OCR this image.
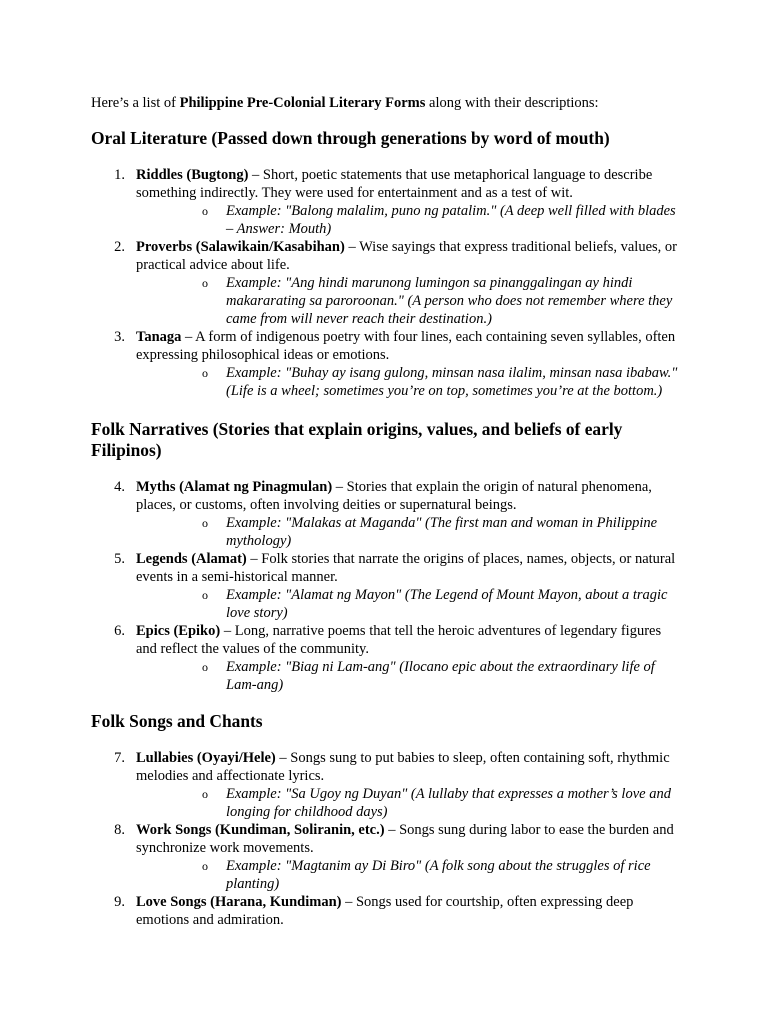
Here’s a list of Philippine Pre-Colonial Literary Forms along with their descriptions:

Oral Literature (Passed down through generations by word of mouth)
1. Riddles (Bugtong) – Short, poetic statements that use metaphorical language to describe something indirectly. They were used for entertainment and as a test of wit.
o Example: "Balong malalim, puno ng patalim." (A deep well filled with blades – Answer: Mouth)
2. Proverbs (Salawikain/Kasabihan) – Wise sayings that express traditional beliefs, values, or practical advice about life.
o Example: "Ang hindi marunong lumingon sa pinanggalingan ay hindi makararating sa paroroonan." (A person who does not remember where they came from will never reach their destination.)
3. Tanaga – A form of indigenous poetry with four lines, each containing seven syllables, often expressing philosophical ideas or emotions.
o Example: "Buhay ay isang gulong, minsan nasa ilalim, minsan nasa ibabaw." (Life is a wheel; sometimes you’re on top, sometimes you’re at the bottom.)
Folk Narratives (Stories that explain origins, values, and beliefs of early Filipinos)
4. Myths (Alamat ng Pinagmulan) – Stories that explain the origin of natural phenomena, places, or customs, often involving deities or supernatural beings.
o Example: "Malakas at Maganda" (The first man and woman in Philippine mythology)
5. Legends (Alamat) – Folk stories that narrate the origins of places, names, objects, or natural events in a semi-historical manner.
o Example: "Alamat ng Mayon" (The Legend of Mount Mayon, about a tragic love story)
6. Epics (Epiko) – Long, narrative poems that tell the heroic adventures of legendary figures and reflect the values of the community.
o Example: "Biag ni Lam-ang" (Ilocano epic about the extraordinary life of Lam-ang)
Folk Songs and Chants
7. Lullabies (Oyayi/Hele) – Songs sung to put babies to sleep, often containing soft, rhythmic melodies and affectionate lyrics.
o Example: "Sa Ugoy ng Duyan" (A lullaby that expresses a mother’s love and longing for childhood days)
8. Work Songs (Kundiman, Soliranin, etc.) – Songs sung during labor to ease the burden and synchronize work movements.
o Example: "Magtanim ay Di Biro" (A folk song about the struggles of rice planting)
9. Love Songs (Harana, Kundiman) – Songs used for courtship, often expressing deep emotions and admiration.
